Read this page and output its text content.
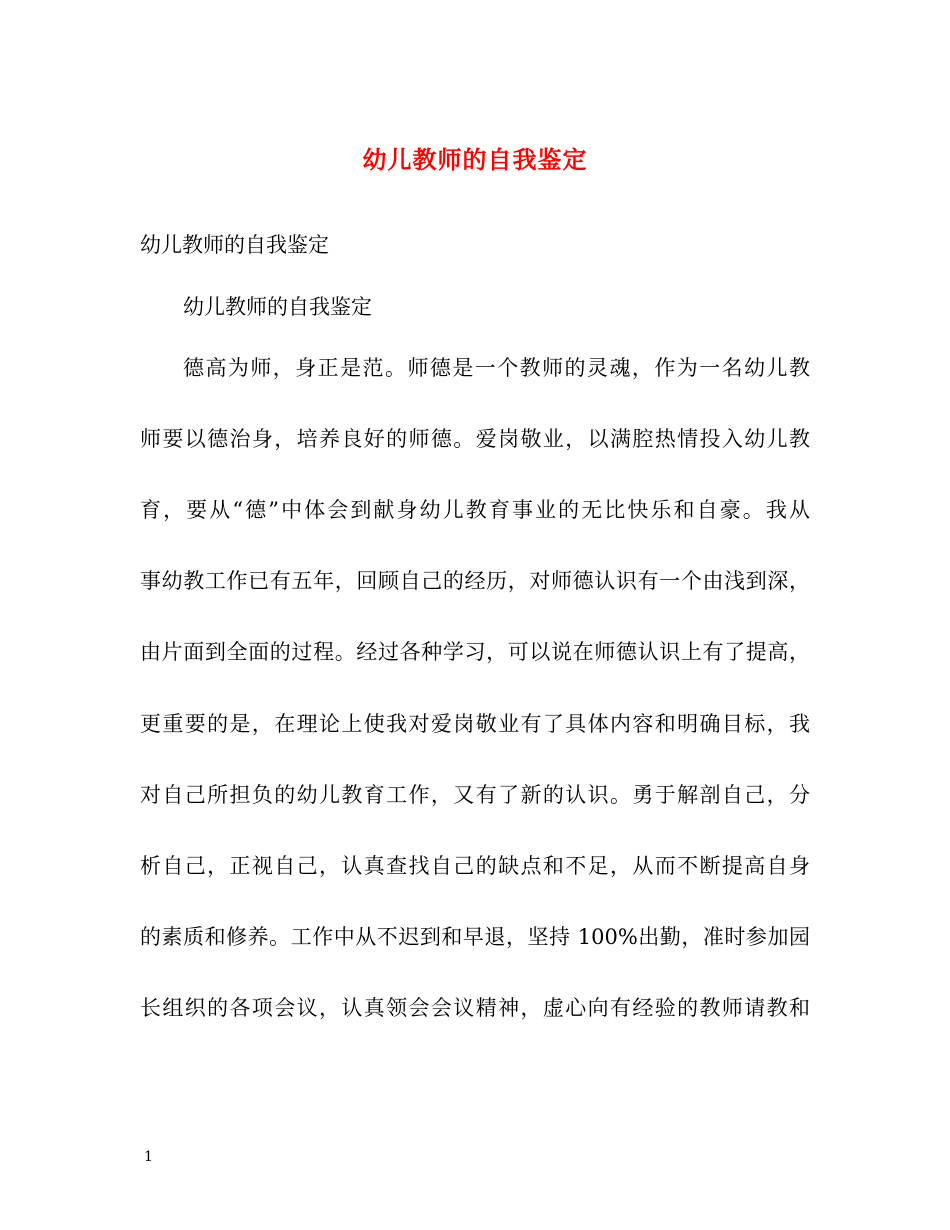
幼儿教师的自我鉴定
幼儿教师的自我鉴定
幼儿教师的自我鉴定
德高为师，身正是范。师德是一个教师的灵魂，作为一名幼儿教
师要以德治身，培养良好的师德。爱岗敬业，以满腔热情投入幼儿教
育，要从“德”中体会到献身幼儿教育事业的无比快乐和自豪。我从
事幼教工作已有五年，回顾自己的经历，对师德认识有一个由浅到深，
由片面到全面的过程。经过各种学习，可以说在师德认识上有了提高，
更重要的是，在理论上使我对爱岗敬业有了具体内容和明确目标，我
对自己所担负的幼儿教育工作，又有了新的认识。勇于解剖自己，分
析自己，正视自己，认真查找自己的缺点和不足，从而不断提高自身
的素质和修养。工作中从不迟到和早退，坚持 100%出勤，准时参加园
长组织的各项会议，认真领会会议精神，虚心向有经验的教师请教和
1
